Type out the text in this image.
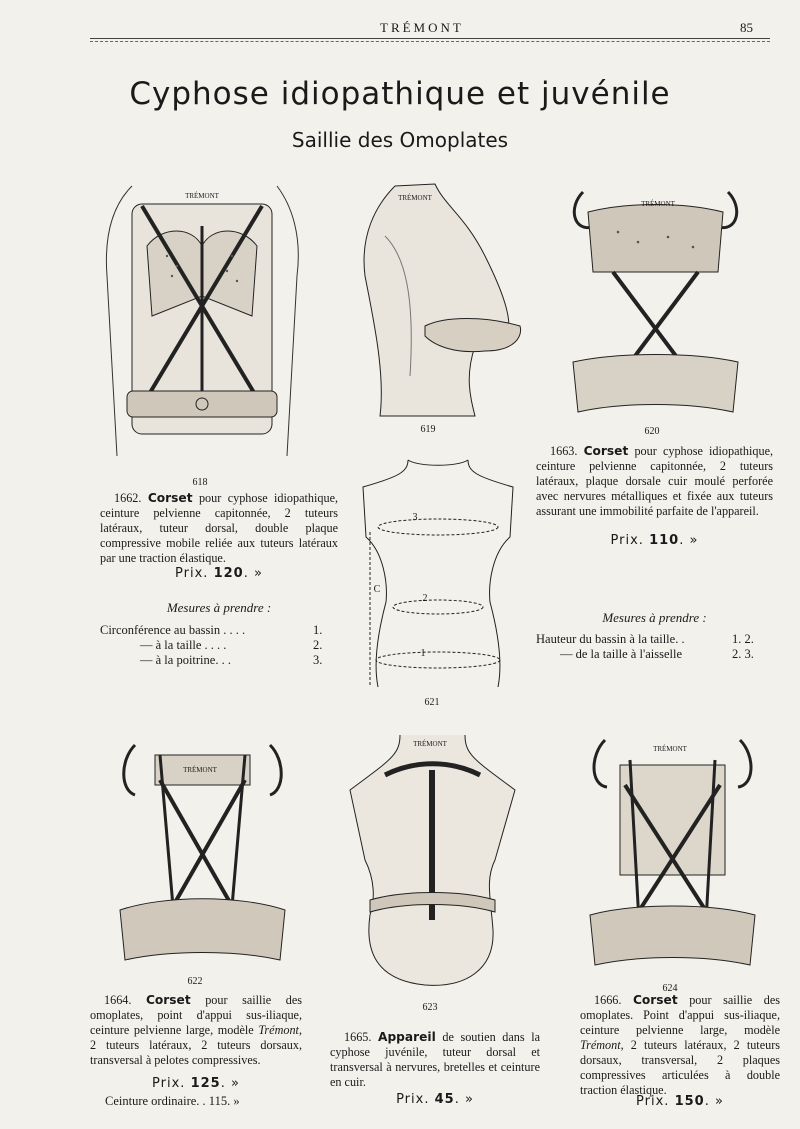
TRÉMONT	85
Cyphose idiopathique et juvénile
Saillie des Omoplates
TRÉMONT
618
TRÉMONT
619
TRÉMONT
620
3
2
1
C
621
TRÉMONT
622
TRÉMONT
623
TRÉMONT
624
1662. Corset pour cyphose idiopathique, ceinture pelvienne capitonnée, 2 tuteurs latéraux, tuteur dorsal, double plaque compressive mobile reliée aux tuteurs latéraux par une traction élastique.
Prix. 120. »
Mesures à prendre :
Circonférence au bassin . . . .	1.
— à la taille . . . .	2.
— à la poitrine. . .	3.
1663. Corset pour cyphose idiopathique, ceinture pelvienne capitonnée, 2 tuteurs latéraux, plaque dorsale cuir moulé perforée avec nervures métalliques et fixée aux tuteurs assurant une immobilité parfaite de l'appareil.
Prix. 110. »
Mesures à prendre :
Hauteur du bassin à la taille. .	1. 2.
— de la taille à l'aisselle	2. 3.
1664. Corset pour saillie des omoplates, point d'appui sus-iliaque, ceinture pelvienne large, modèle Trémont, 2 tuteurs latéraux, 2 tuteurs dorsaux, transversal à pelotes compressives.
Prix. 125. »
Ceinture ordinaire. . 115. »
1665. Appareil de soutien dans la cyphose juvénile, tuteur dorsal et transversal à nervures, bretelles et ceinture en cuir.
Prix. 45. »
1666. Corset pour saillie des omoplates. Point d'appui sus-iliaque, ceinture pelvienne large, modèle Trémont, 2 tuteurs latéraux, 2 tuteurs dorsaux, transversal, 2 plaques compressives articulées à double traction élastique.
Prix. 150. »
